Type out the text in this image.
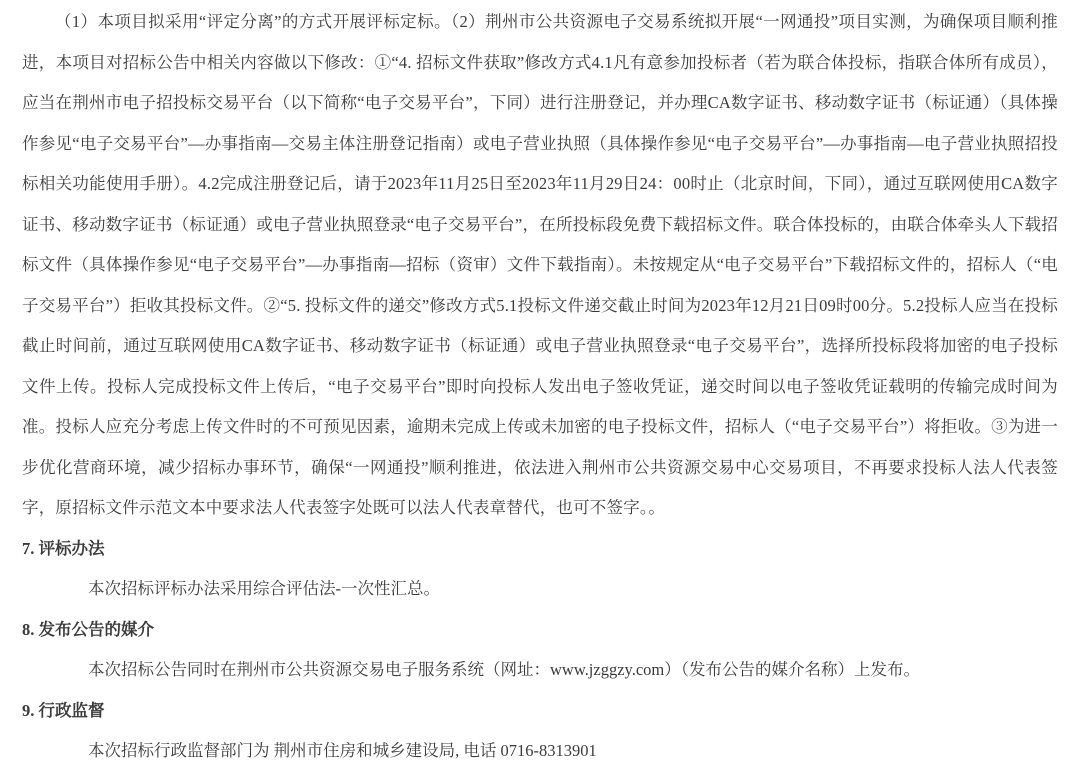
（1）本项目拟采用“评定分离”的方式开展评标定标。（2）荆州市公共资源电子交易系统拟开展“一网通投”项目实测，为确保项目顺利推进，本项目对招标公告中相关内容做以下修改：①“4. 招标文件获取”修改方式4.1凡有意参加投标者（若为联合体投标，指联合体所有成员），应当在荆州市电子招投标交易平台（以下简称“电子交易平台”，下同）进行注册登记，并办理CA数字证书、移动数字证书（标证通）（具体操作参见“电子交易平台”—办事指南—交易主体注册登记指南）或电子营业执照（具体操作参见“电子交易平台”—办事指南—电子营业执照招投标相关功能使用手册）。4.2完成注册登记后，请于2023年11月25日至2023年11月29日24：00时止（北京时间，下同），通过互联网使用CA数字证书、移动数字证书（标证通）或电子营业执照登录“电子交易平台”，在所投标段免费下载招标文件。联合体投标的，由联合体牵头人下载招标文件（具体操作参见“电子交易平台”—办事指南—招标（资审）文件下载指南）。未按规定从“电子交易平台”下载招标文件的，招标人（“电子交易平台”）拒收其投标文件。②“5. 投标文件的递交”修改方式5.1投标文件递交截止时间为2023年12月21日09时00分。5.2投标人应当在投标截止时间前，通过互联网使用CA数字证书、移动数字证书（标证通）或电子营业执照登录“电子交易平台”，选择所投标段将加密的电子投标文件上传。投标人完成投标文件上传后，“电子交易平台”即时向投标人发出电子签收凭证，递交时间以电子签收凭证载明的传输完成时间为准。投标人应充分考虑上传文件时的不可预见因素，逾期未完成上传或未加密的电子投标文件，招标人（“电子交易平台”）将拒收。③为进一步优化营商环境，减少招标办事环节，确保“一网通投”顺利推进，依法进入荆州市公共资源交易中心交易项目，不再要求投标人法人代表签字，原招标文件示范文本中要求法人代表签字处既可以法人代表章替代，也可不签字。。

7. 评标办法

本次招标评标办法采用综合评估法-一次性汇总。

8. 发布公告的媒介

本次招标公告同时在荆州市公共资源交易电子服务系统（网址：www.jzggzy.com）（发布公告的媒介名称）上发布。

9. 行政监督

本次招标行政监督部门为 荆州市住房和城乡建设局, 电话 0716-8313901
